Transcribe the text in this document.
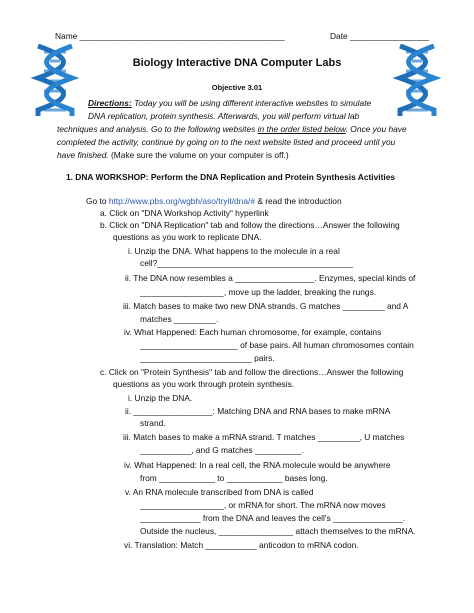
Name ____________________________________________	Date _________________
Biology Interactive DNA Computer Labs
Objective 3.01
Directions: Today you will be using different interactive websites to simulate
DNA replication, protein synthesis. Afterwards, you will perform virtual lab
techniques and analysis. Go to the following websites in the order listed below. Once you have
completed the activity, continue by going on to the next website listed and proceed until you
have finished. (Make sure the volume on your computer is off.)
1. DNA WORKSHOP: Perform the DNA Replication and Protein Synthesis Activities
Go to http://www.pbs.org/wgbh/aso/tryit/dna/# & read the introduction
a. Click on "DNA Workshop Activity" hyperlink
b. Click on "DNA Replication" tab and follow the directions…Answer the following
questions as you work to replicate DNA.
i. Unzip the DNA. What happens to the molecule in a real
cell?__________________________________________
ii. The DNA now resembles a _________________. Enzymes, special kinds of
__________________, move up the ladder, breaking the rungs.
iii. Match bases to make two new DNA strands. G matches _________ and A
matches _________.
iv. What Happened: Each human chromosome, for example, contains
_____________________ of base pairs. All human chromosomes contain
________________________ pairs.
c. Click on "Protein Synthesis" tab and follow the directions…Answer the following
questions as you work through protein synthesis.
i. Unzip the DNA.
ii. _________________: Matching DNA and RNA bases to make mRNA
strand.
iii. Match bases to make a mRNA strand. T matches _________, U matches
___________, and G matches __________.
iv. What Happened: In a real cell, the RNA molecule would be anywhere
from ____________ to ____________ bases long.
v. An RNA molecule transcribed from DNA is called
__________________, or mRNA for short. The mRNA now moves
_____________ from the DNA and leaves the cell's _______________.
Outside the nucleus, ________________ attach themselves to the mRNA.
vi. Translation: Match ___________ anticodon to mRNA codon.
